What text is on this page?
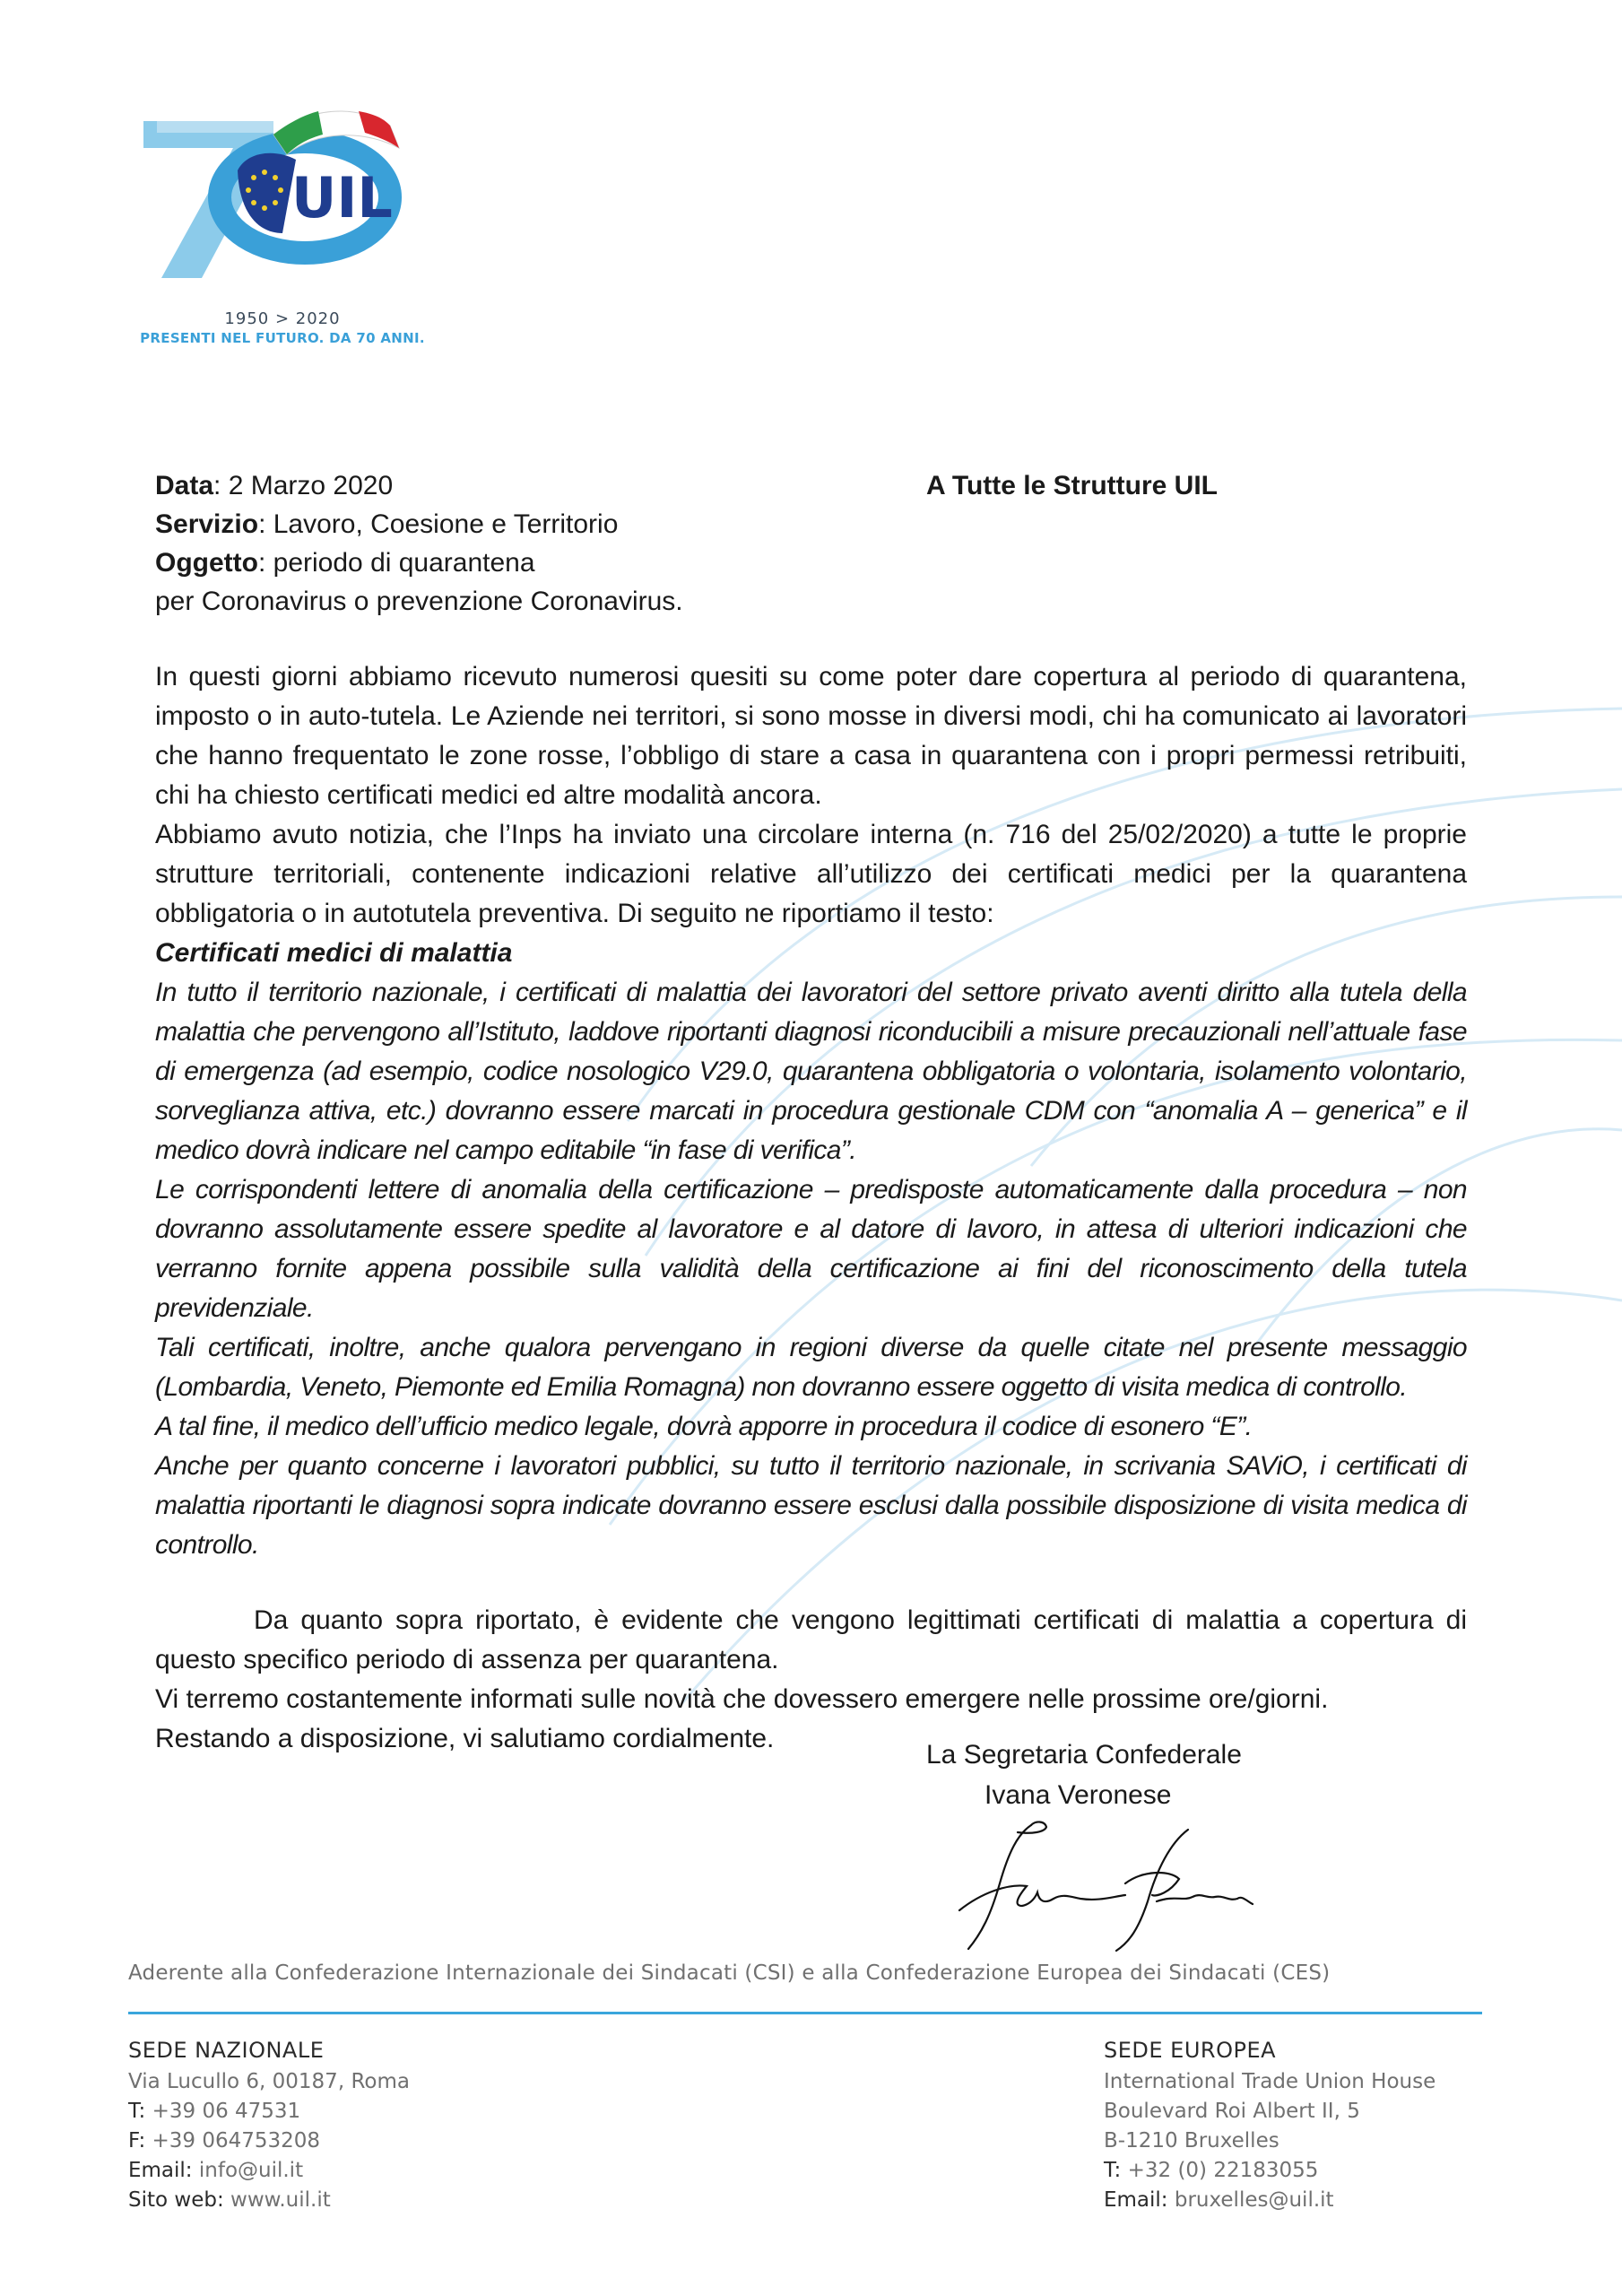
UIL
1950 > 2020
PRESENTI NEL FUTURO. DA 70 ANNI.
Data: 2 Marzo 2020
Servizio: Lavoro, Coesione e Territorio
Oggetto: periodo di quarantena
per Coronavirus o prevenzione Coronavirus.
A Tutte le Strutture UIL

In questi giorni abbiamo ricevuto numerosi quesiti su come poter dare copertura al periodo di quarantena, imposto o in auto-tutela. Le Aziende nei territori, si sono mosse in diversi modi, chi ha comunicato ai lavoratori che hanno frequentato le zone rosse, l’obbligo di stare a casa in quarantena con i propri permessi retribuiti, chi ha chiesto certificati medici ed altre modalità ancora.

Abbiamo avuto notizia, che l’Inps ha inviato una circolare interna (n. 716 del 25/02/2020) a tutte le proprie strutture territoriali, contenente indicazioni relative all’utilizzo dei certificati medici per la quarantena obbligatoria o in autotutela preventiva. Di seguito ne riportiamo il testo:

Certificati medici di malattia

In tutto il territorio nazionale, i certificati di malattia dei lavoratori del settore privato aventi diritto alla tutela della malattia che pervengono all’Istituto, laddove riportanti diagnosi riconducibili a misure precauzionali nell’attuale fase di emergenza (ad esempio, codice nosologico V29.0, quarantena obbligatoria o volontaria, isolamento volontario, sorveglianza attiva, etc.) dovranno essere marcati in procedura gestionale CDM con “anomalia A – generica” e il medico dovrà indicare nel campo editabile “in fase di verifica”.

Le corrispondenti lettere di anomalia della certificazione – predisposte automaticamente dalla procedura – non dovranno assolutamente essere spedite al lavoratore e al datore di lavoro, in attesa di ulteriori indicazioni che verranno fornite appena possibile sulla validità della certificazione ai fini del riconoscimento della tutela previdenziale.

Tali certificati, inoltre, anche qualora pervengano in regioni diverse da quelle citate nel presente messaggio (Lombardia, Veneto, Piemonte ed Emilia Romagna) non dovranno essere oggetto di visita medica di controllo.

A tal fine, il medico dell’ufficio medico legale, dovrà apporre in procedura il codice di esonero “E”.

Anche per quanto concerne i lavoratori pubblici, su tutto il territorio nazionale, in scrivania SAViO, i certificati di malattia riportanti le diagnosi sopra indicate dovranno essere esclusi dalla possibile disposizione di visita medica di controllo.

Da quanto sopra riportato, è evidente che vengono legittimati certificati di malattia a copertura di questo specifico periodo di assenza per quarantena.

Vi terremo costantemente informati sulle novità che dovessero emergere nelle prossime ore/giorni.

Restando a disposizione, vi salutiamo cordialmente.

La Segretaria Confederale
Ivana Veronese
Aderente alla Confederazione Internazionale dei Sindacati (CSI) e alla Confederazione Europea dei Sindacati (CES)
SEDE NAZIONALE
Via Lucullo 6, 00187, Roma
T: +39 06 47531
F: +39 064753208
Email: info@uil.it
Sito web: www.uil.it
SEDE EUROPEA
International Trade Union House
Boulevard Roi Albert II, 5
B-1210 Bruxelles
T: +32 (0) 22183055
Email: bruxelles@uil.it
